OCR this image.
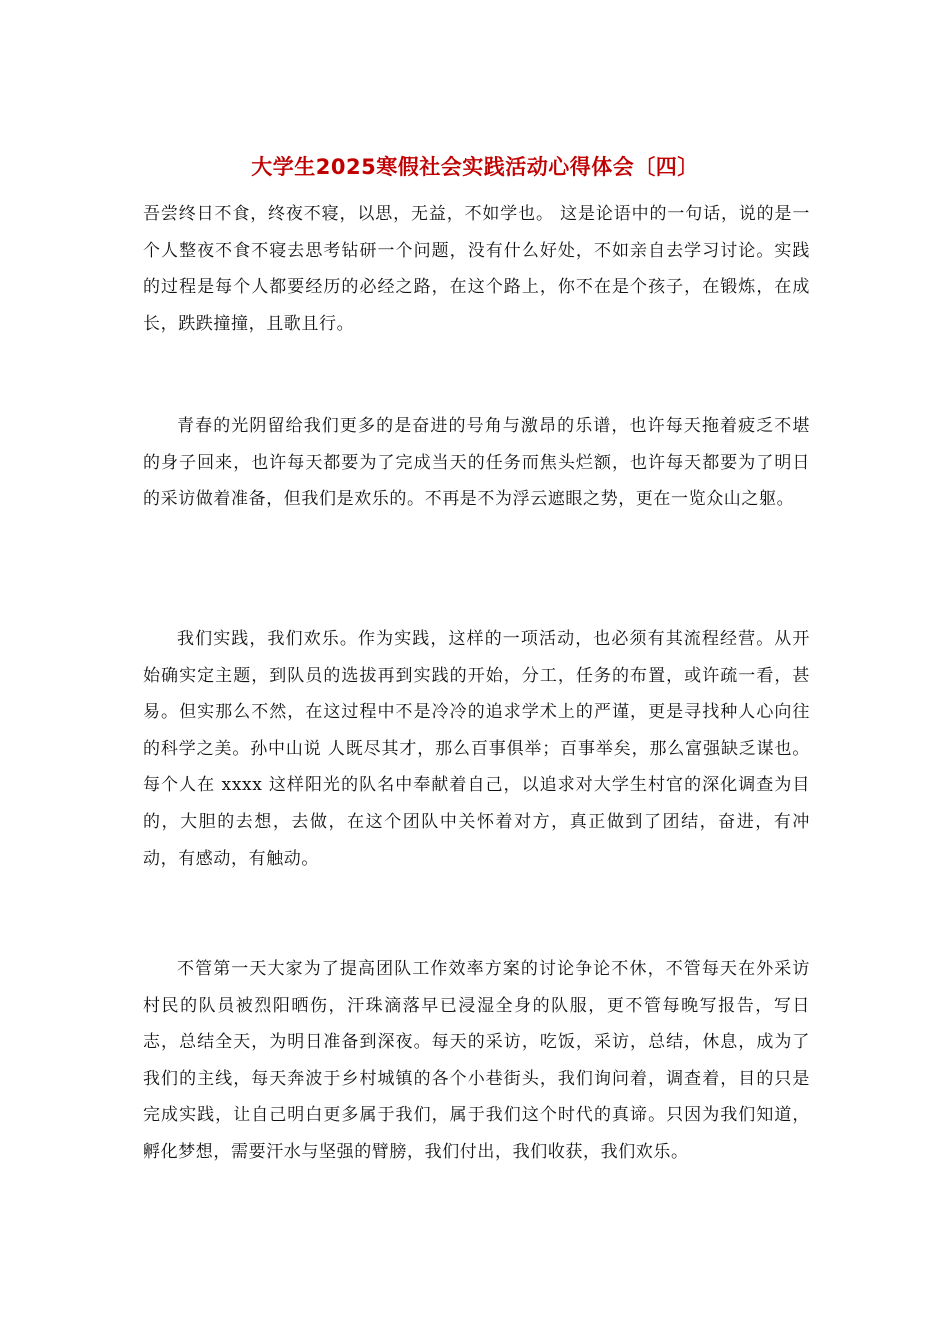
大学生2025寒假社会实践活动心得体会〔四〕

吾尝终日不食，终夜不寝，以思，无益，不如学也。 这是论语中的一句话，说的是一个人整夜不食不寝去思考钻研一个问题，没有什么好处，不如亲自去学习讨论。实践的过程是每个人都要经历的必经之路，在这个路上，你不在是个孩子，在锻炼，在成长，跌跌撞撞，且歌且行。

青春的光阴留给我们更多的是奋进的号角与激昂的乐谱，也许每天拖着疲乏不堪的身子回来，也许每天都要为了完成当天的任务而焦头烂额，也许每天都要为了明日的采访做着准备，但我们是欢乐的。不再是不为浮云遮眼之势，更在一览众山之躯。

我们实践，我们欢乐。作为实践，这样的一项活动，也必须有其流程经营。从开始确实定主题，到队员的选拔再到实践的开始，分工，任务的布置，或许疏一看，甚易。但实那么不然，在这过程中不是冷冷的追求学术上的严谨，更是寻找种人心向往的科学之美。孙中山说 人既尽其才，那么百事俱举；百事举矣，那么富强缺乏谋也。 每个人在 xxxx 这样阳光的队名中奉献着自己，以追求对大学生村官的深化调查为目的，大胆的去想，去做，在这个团队中关怀着对方，真正做到了团结，奋进，有冲动，有感动，有触动。

不管第一天大家为了提高团队工作效率方案的讨论争论不休，不管每天在外采访村民的队员被烈阳晒伤，汗珠滴落早已浸湿全身的队服，更不管每晚写报告，写日志，总结全天，为明日准备到深夜。每天的采访，吃饭，采访，总结，休息，成为了我们的主线，每天奔波于乡村城镇的各个小巷街头，我们询问着，调查着，目的只是完成实践，让自己明白更多属于我们，属于我们这个时代的真谛。只因为我们知道，孵化梦想，需要汗水与坚强的臂膀，我们付出，我们收获，我们欢乐。
